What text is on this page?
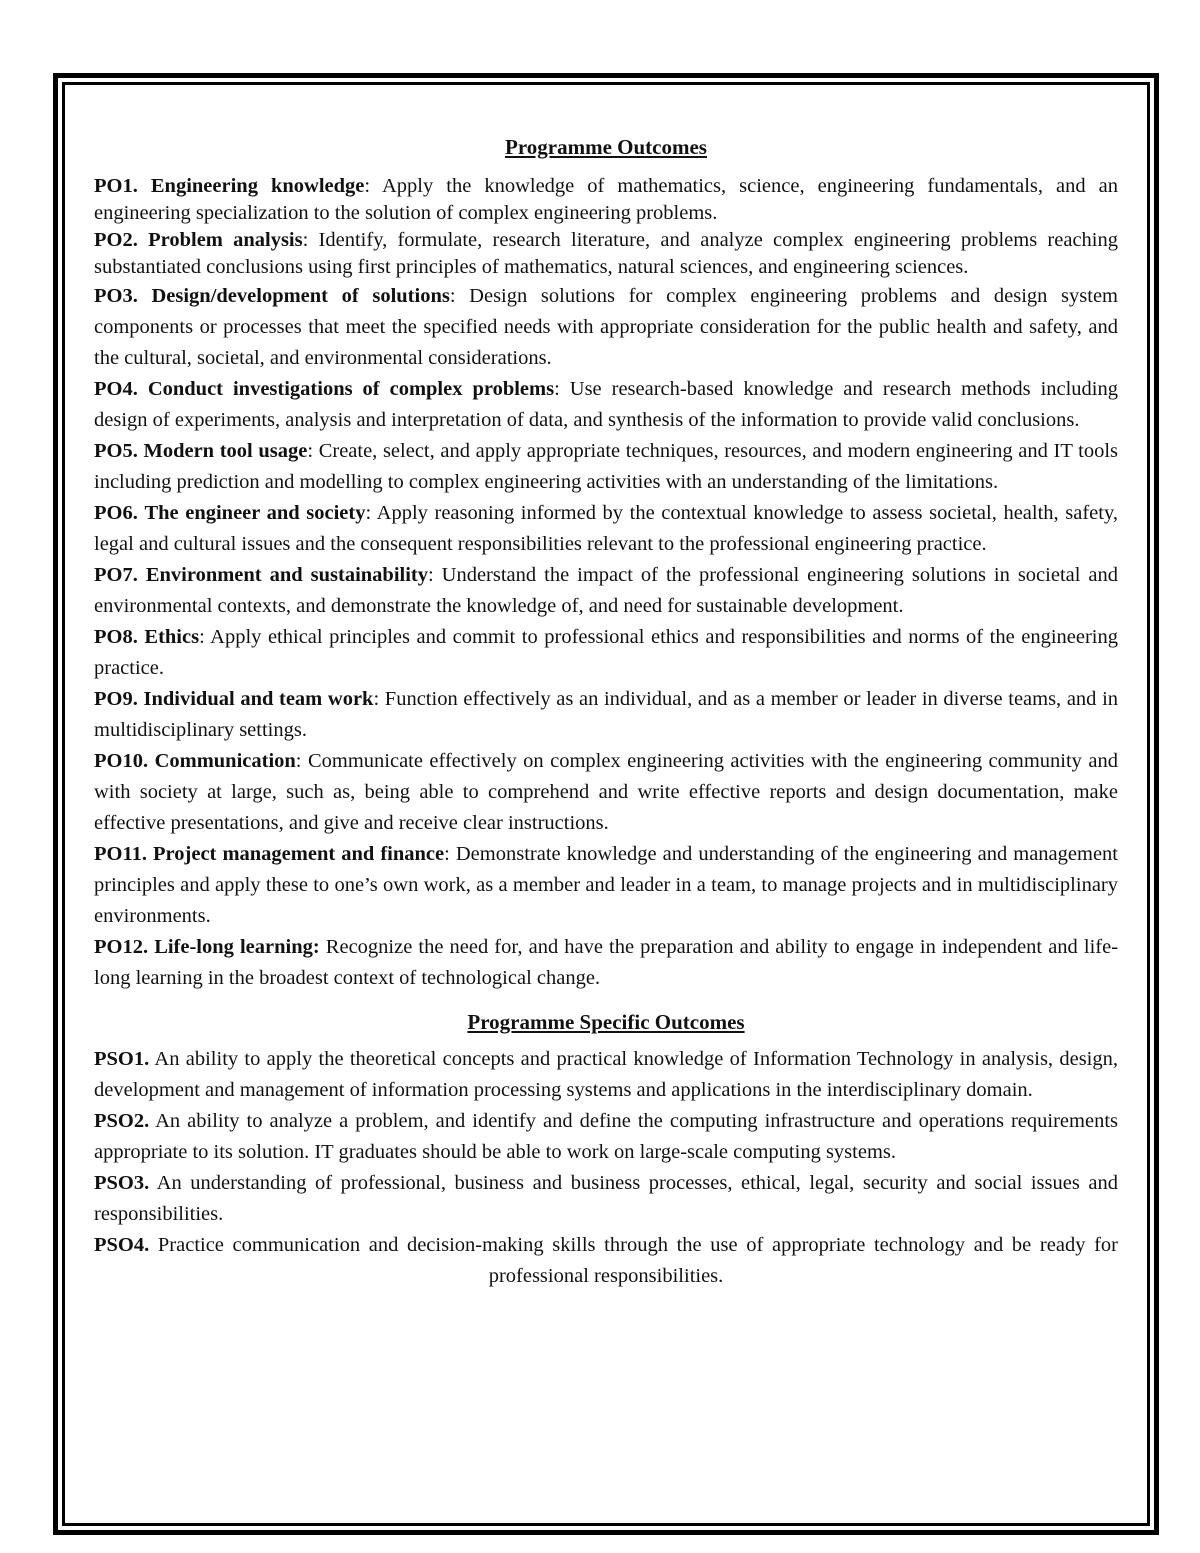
Programme Outcomes

PO1. Engineering knowledge: Apply the knowledge of mathematics, science, engineering fundamentals, and an engineering specialization to the solution of complex engineering problems.

PO2. Problem analysis: Identify, formulate, research literature, and analyze complex engineering problems reaching substantiated conclusions using first principles of mathematics, natural sciences, and engineering sciences.

PO3. Design/development of solutions: Design solutions for complex engineering problems and design system components or processes that meet the specified needs with appropriate consideration for the public health and safety, and the cultural, societal, and environmental considerations.

PO4. Conduct investigations of complex problems: Use research-based knowledge and research methods including design of experiments, analysis and interpretation of data, and synthesis of the information to provide valid conclusions.

PO5. Modern tool usage: Create, select, and apply appropriate techniques, resources, and modern engineering and IT tools including prediction and modelling to complex engineering activities with an understanding of the limitations.

PO6. The engineer and society: Apply reasoning informed by the contextual knowledge to assess societal, health, safety, legal and cultural issues and the consequent responsibilities relevant to the professional engineering practice.

PO7. Environment and sustainability: Understand the impact of the professional engineering solutions in societal and environmental contexts, and demonstrate the knowledge of, and need for sustainable development.

PO8. Ethics: Apply ethical principles and commit to professional ethics and responsibilities and norms of the engineering practice.

PO9. Individual and team work: Function effectively as an individual, and as a member or leader in diverse teams, and in multidisciplinary settings.

PO10. Communication: Communicate effectively on complex engineering activities with the engineering community and with society at large, such as, being able to comprehend and write effective reports and design documentation, make effective presentations, and give and receive clear instructions.

PO11. Project management and finance: Demonstrate knowledge and understanding of the engineering and management principles and apply these to one’s own work, as a member and leader in a team, to manage projects and in multidisciplinary environments.

PO12. Life-long learning: Recognize the need for, and have the preparation and ability to engage in independent and life-long learning in the broadest context of technological change.

Programme Specific Outcomes

PSO1. An ability to apply the theoretical concepts and practical knowledge of Information Technology in analysis, design, development and management of information processing systems and applications in the interdisciplinary domain.

PSO2. An ability to analyze a problem, and identify and define the computing infrastructure and operations requirements appropriate to its solution. IT graduates should be able to work on large-scale computing systems.

PSO3. An understanding of professional, business and business processes, ethical, legal, security and social issues and responsibilities.

PSO4. Practice communication and decision-making skills through the use of appropriate technology and be ready for professional responsibilities.
